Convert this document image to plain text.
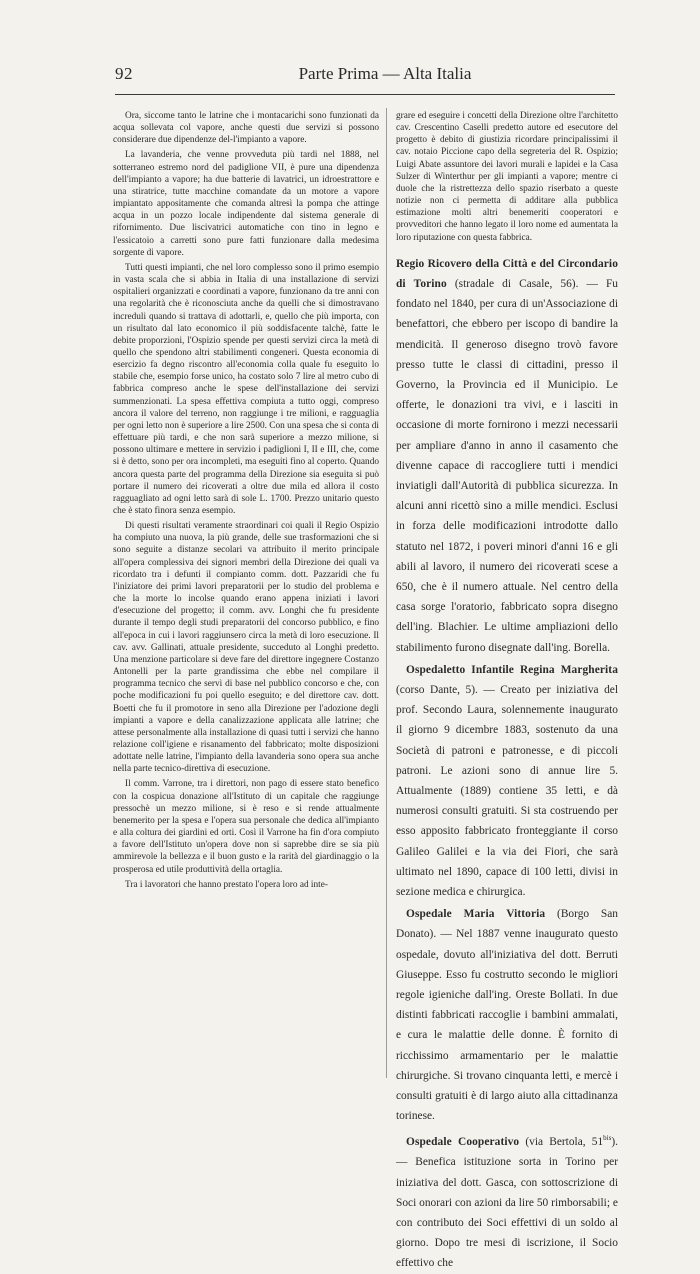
92	Parte Prima — Alta Italia

Ora, siccome tanto le latrine che i montacarichi sono funzionati da acqua sollevata col vapore, anche questi due servizi si possono considerare due dipendenze del-l'impianto a vapore.

La lavanderia, che venne provveduta più tardi nel 1888, nel sotterraneo estremo nord del padiglione VII, è pure una dipendenza dell'impianto a vapore; ha due batterie di lavatrici, un idroestrattore e una stiratrice, tutte macchine comandate da un motore a vapore impiantato appositamente che comanda altresì la pompa che attinge acqua in un pozzo locale indipendente dal sistema generale di rifornimento. Due liscivatrici automatiche con tino in legno e l'essicatoio a carretti sono pure fatti funzionare dalla medesima sorgente di vapore.

Tutti questi impianti, che nel loro complesso sono il primo esempio in vasta scala che si abbia in Italia di una installazione di servizi ospitalieri organizzati e coordinati a vapore, funzionano da tre anni con una regolarità che è riconosciuta anche da quelli che si dimostravano increduli quando si trattava di adottarli, e, quello che più importa, con un risultato dal lato economico il più soddisfacente talchè, fatte le debite proporzioni, l'Ospizio spende per questi servizi circa la metà di quello che spendono altri stabilimenti congeneri. Questa economia di esercizio fa degno riscontro all'economia colla quale fu eseguito lo stabile che, esempio forse unico, ha costato solo 7 lire al metro cubo di fabbrica compreso anche le spese dell'installazione dei servizi summenzionati. La spesa effettiva compiuta a tutto oggi, compreso ancora il valore del terreno, non raggiunge i tre milioni, e ragguaglia per ogni letto non è superiore a lire 2500. Con una spesa che si conta di effettuare più tardi, e che non sarà superiore a mezzo milione, si possono ultimare e mettere in servizio i padiglioni I, II e III, che, come si è detto, sono per ora incompleti, ma eseguiti fino al coperto. Quando ancora questa parte del programma della Direzione sia eseguita si può portare il numero dei ricoverati a oltre due mila ed allora il costo ragguagliato ad ogni letto sarà di sole L. 1700. Prezzo unitario questo che è stato finora senza esempio.

Di questi risultati veramente straordinari coi quali il Regio Ospizio ha compiuto una nuova, la più grande, delle sue trasformazioni che si sono seguite a distanze secolari va attribuito il merito principale all'opera complessiva dei signori membri della Direzione dei quali va ricordato tra i defunti il compianto comm. dott. Pazzaridi che fu l'iniziatore dei primi lavori preparatorii per lo studio del problema e che la morte lo incolse quando erano appena iniziati i lavori d'esecuzione del progetto; il comm. avv. Longhi che fu presidente durante il tempo degli studi preparatorii del concorso pubblico, e fino all'epoca in cui i lavori raggiunsero circa la metà di loro esecuzione. Il cav. avv. Gallinati, attuale presidente, succeduto al Longhi predetto. Una menzione particolare si deve fare del direttore ingegnere Costanzo Antonelli per la parte grandissima che ebbe nel compilare il programma tecnico che servì di base nel pubblico concorso e che, con poche modificazioni fu poi quello eseguito; e del direttore cav. dott. Boetti che fu il promotore in seno alla Direzione per l'adozione degli impianti a vapore e della canalizzazione applicata alle latrine; che attese personalmente alla installazione di quasi tutti i servizi che hanno relazione coll'igiene e risanamento del fabbricato; molte disposizioni adottate nelle latrine, l'impianto della lavanderia sono opera sua anche nella parte tecnico-direttiva di esecuzione.

Il comm. Varrone, tra i direttori, non pago di essere stato benefico con la cospicua donazione all'Istituto di un capitale che raggiunge pressochè un mezzo milione, si è reso e si rende attualmente benemerito per la spesa e l'opera sua personale che dedica all'impianto e alla coltura dei giardini ed orti. Così il Varrone ha fin d'ora compiuto a favore dell'Istituto un'opera dove non si saprebbe dire se sia più ammirevole la bellezza e il buon gusto e la rarità del giardinaggio o la prosperosa ed utile produttività della ortaglia.

Tra i lavoratori che hanno prestato l'opera loro ad inte-

grare ed eseguire i concetti della Direzione oltre l'architetto cav. Crescentino Caselli predetto autore ed esecutore del progetto è debito di giustizia ricordare principalissimi il cav. notaio Piccione capo della segreteria del R. Ospizio; Luigi Abate assuntore dei lavori murali e lapidei e la Casa Sulzer di Winterthur per gli impianti a vapore; mentre ci duole che la ristrettezza dello spazio riserbato a queste notizie non ci permetta di additare alla pubblica estimazione molti altri benemeriti cooperatori e provveditori che hanno legato il loro nome ed aumentata la loro riputazione con questa fabbrica.

Regio Ricovero della Città e del Circondario di Torino (stradale di Casale, 56). — Fu fondato nel 1840, per cura di un'Associazione di benefattori, che ebbero per iscopo di bandire la mendicità. Il generoso disegno trovò favore presso tutte le classi di cittadini, presso il Governo, la Provincia ed il Municipio. Le offerte, le donazioni tra vivi, e i lasciti in occasione di morte fornirono i mezzi necessarii per ampliare d'anno in anno il casamento che divenne capace di raccogliere tutti i mendici inviatigli dall'Autorità di pubblica sicurezza. In alcuni anni ricettò sino a mille mendici. Esclusi in forza delle modificazioni introdotte dallo statuto nel 1872, i poveri minori d'anni 16 e gli abili al lavoro, il numero dei ricoverati scese a 650, che è il numero attuale. Nel centro della casa sorge l'oratorio, fabbricato sopra disegno dell'ing. Blachier. Le ultime ampliazioni dello stabilimento furono disegnate dall'ing. Borella.

Ospedaletto Infantile Regina Margherita (corso Dante, 5). — Creato per iniziativa del prof. Secondo Laura, solennemente inaugurato il giorno 9 dicembre 1883, sostenuto da una Società di patroni e patronesse, e di piccoli patroni. Le azioni sono di annue lire 5. Attualmente (1889) contiene 35 letti, e dà numerosi consulti gratuiti. Si sta costruendo per esso apposito fabbricato fronteggiante il corso Galileo Galilei e la via dei Fiori, che sarà ultimato nel 1890, capace di 100 letti, divisi in sezione medica e chirurgica.

Ospedale Maria Vittoria (Borgo San Donato). — Nel 1887 venne inaugurato questo ospedale, dovuto all'iniziativa del dott. Berruti Giuseppe. Esso fu costrutto secondo le migliori regole igieniche dall'ing. Oreste Bollati. In due distinti fabbricati raccoglie i bambini ammalati, e cura le malattie delle donne. È fornito di ricchissimo armamentario per le malattie chirurgiche. Si trovano cinquanta letti, e mercè i consulti gratuiti è di largo aiuto alla cittadinanza torinese.

Ospedale Cooperativo (via Bertola, $51^{bis}$). — Benefica istituzione sorta in Torino per iniziativa del dott. Gasca, con sottoscrizione di Soci onorari con azioni da lire 50 rimborsabili; e con contributo dei Soci effettivi di un soldo al giorno. Dopo tre mesi di iscrizione, il Socio effettivo che
